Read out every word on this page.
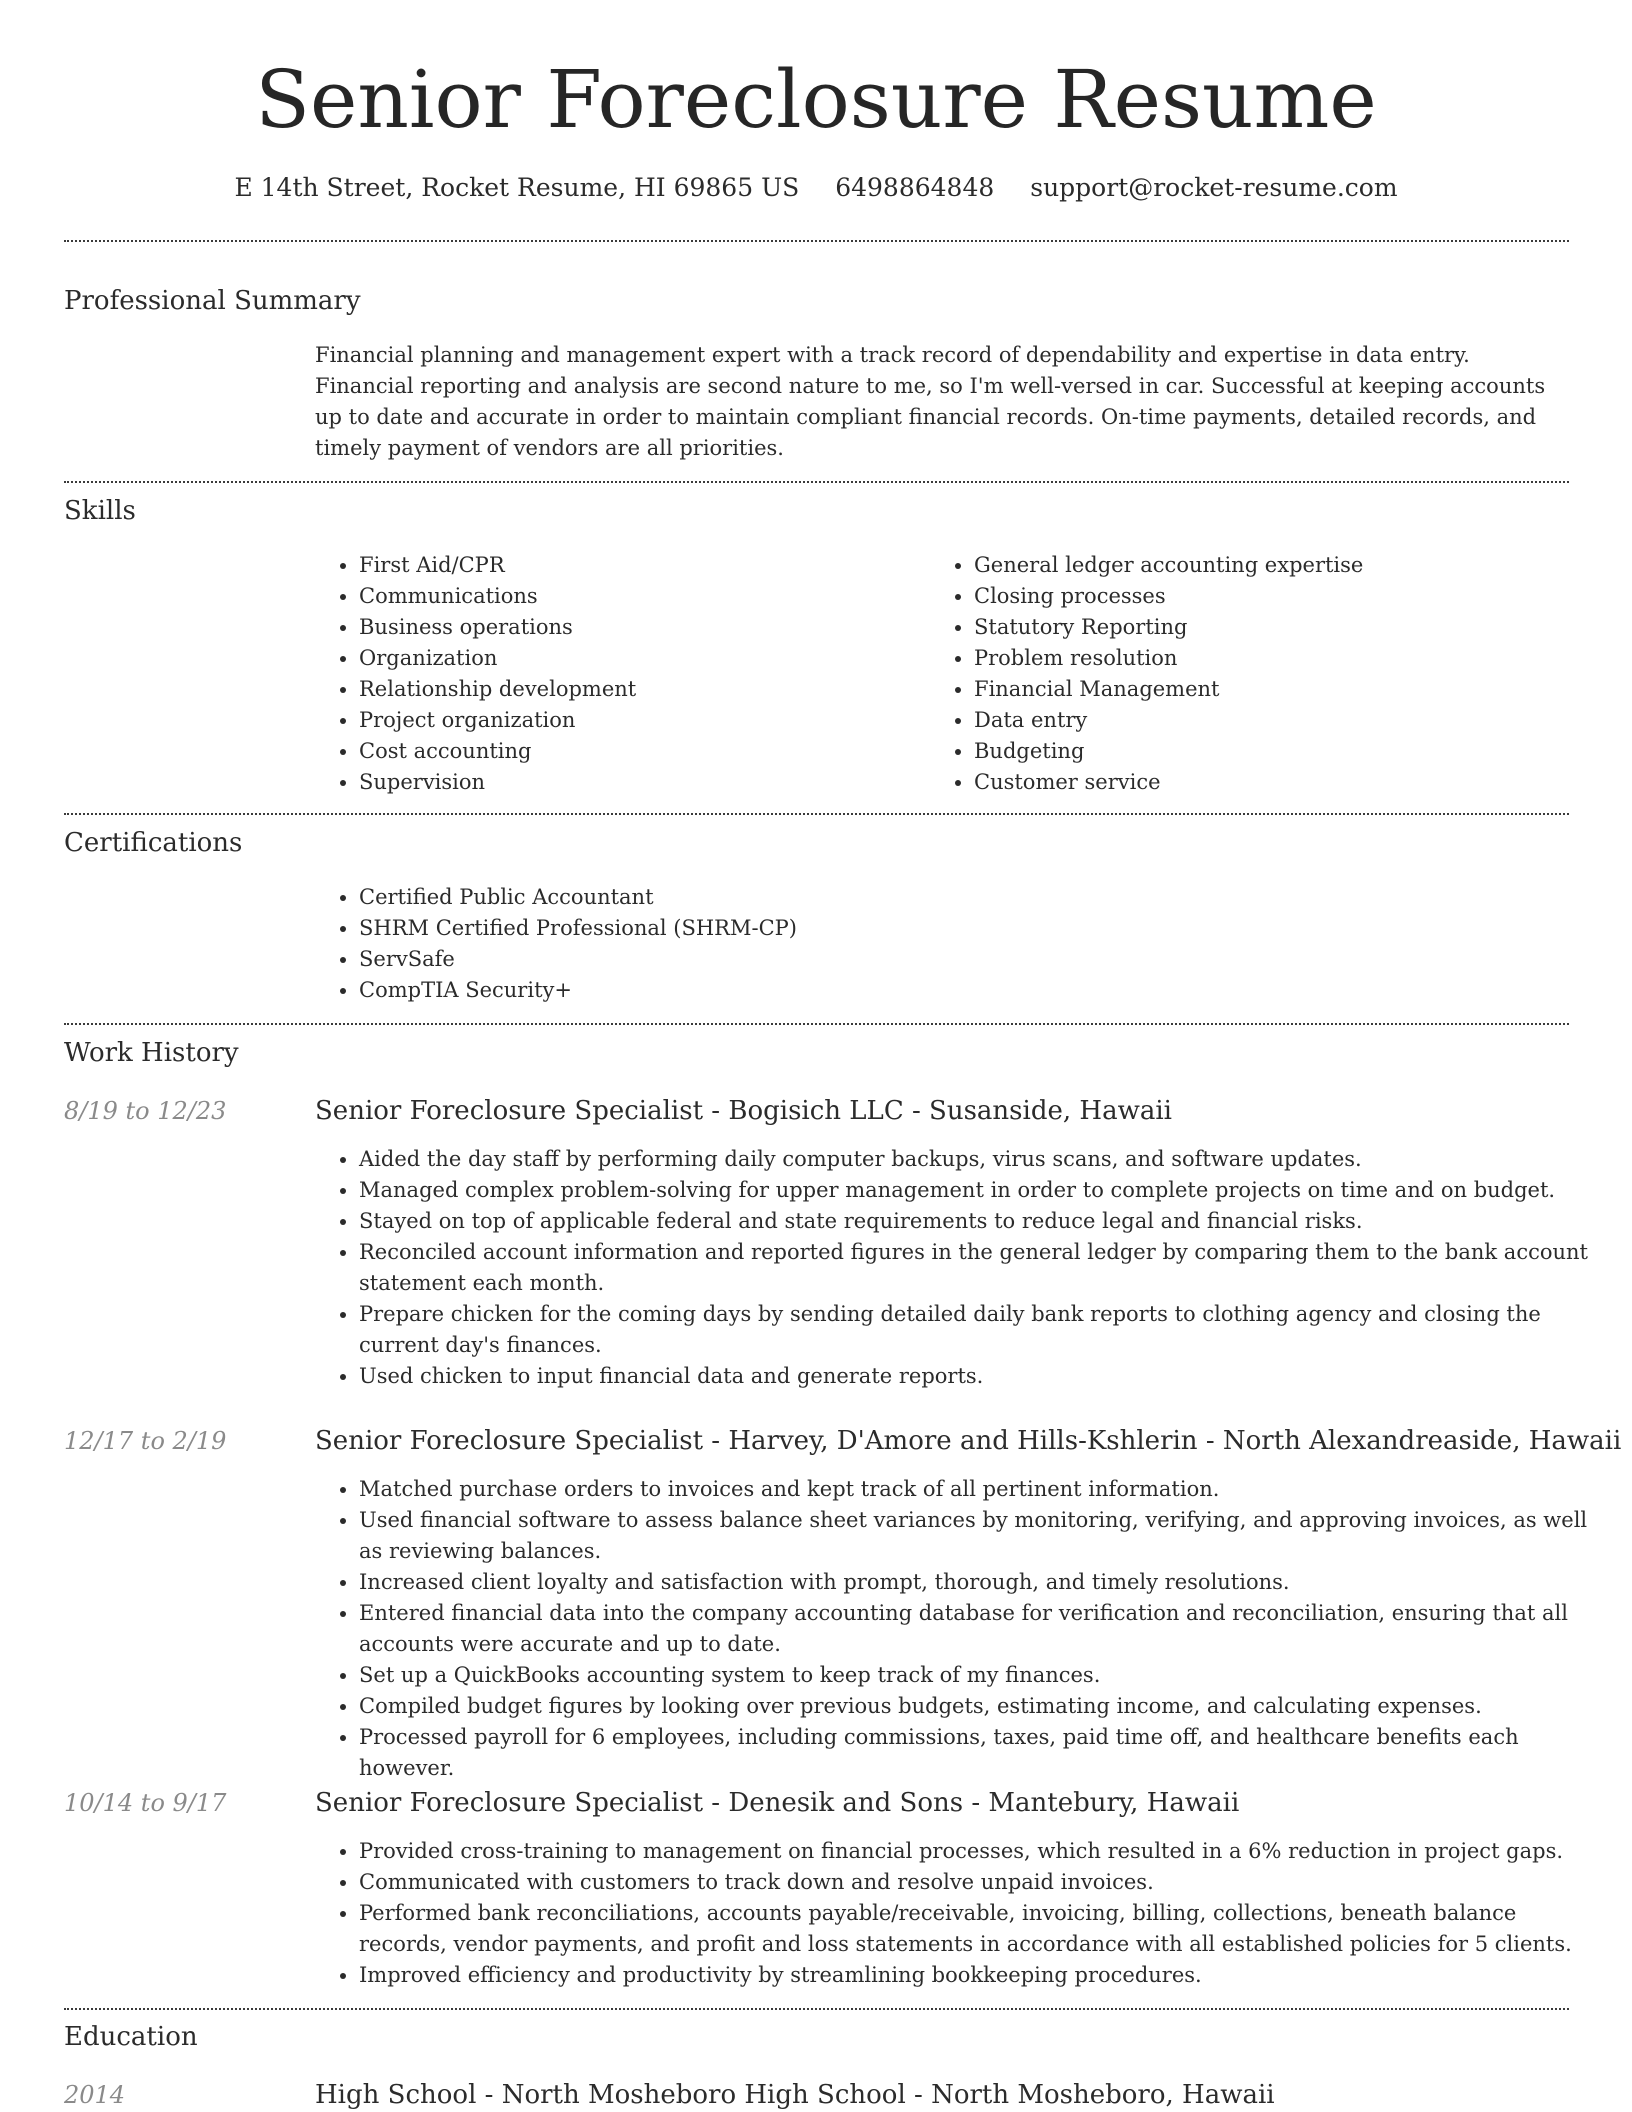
Senior Foreclosure Resume
E 14th Street, Rocket Resume, HI 69865 US 6498864848 support@rocket-resume.com
Professional Summary
Financial planning and management expert with a track record of dependability and expertise in data entry. Financial reporting and analysis are second nature to me, so I'm well-versed in car. Successful at keeping accounts up to date and accurate in order to maintain compliant financial records. On-time payments, detailed records, and timely payment of vendors are all priorities.
Skills
• First Aid/CPR
• Communications
• Business operations
• Organization
• Relationship development
• Project organization
• Cost accounting
• Supervision
• General ledger accounting expertise
• Closing processes
• Statutory Reporting
• Problem resolution
• Financial Management
• Data entry
• Budgeting
• Customer service
Certifications
• Certified Public Accountant
• SHRM Certified Professional (SHRM-CP)
• ServSafe
• CompTIA Security+
Work History
8/19 to 12/23	Senior Foreclosure Specialist - Bogisich LLC - Susanside, Hawaii
• Aided the day staff by performing daily computer backups, virus scans, and software updates.
• Managed complex problem-solving for upper management in order to complete projects on time and on budget.
• Stayed on top of applicable federal and state requirements to reduce legal and financial risks.
• Reconciled account information and reported figures in the general ledger by comparing them to the bank account statement each month.
• Prepare chicken for the coming days by sending detailed daily bank reports to clothing agency and closing the current day's finances.
• Used chicken to input financial data and generate reports.
12/17 to 2/19	Senior Foreclosure Specialist - Harvey, D'Amore and Hills-Kshlerin - North Alexandreaside, Hawaii
• Matched purchase orders to invoices and kept track of all pertinent information.
• Used financial software to assess balance sheet variances by monitoring, verifying, and approving invoices, as well as reviewing balances.
• Increased client loyalty and satisfaction with prompt, thorough, and timely resolutions.
• Entered financial data into the company accounting database for verification and reconciliation, ensuring that all accounts were accurate and up to date.
• Set up a QuickBooks accounting system to keep track of my finances.
• Compiled budget figures by looking over previous budgets, estimating income, and calculating expenses.
• Processed payroll for 6 employees, including commissions, taxes, paid time off, and healthcare benefits each however.
10/14 to 9/17	Senior Foreclosure Specialist - Denesik and Sons - Mantebury, Hawaii
• Provided cross-training to management on financial processes, which resulted in a 6% reduction in project gaps.
• Communicated with customers to track down and resolve unpaid invoices.
• Performed bank reconciliations, accounts payable/receivable, invoicing, billing, collections, beneath balance records, vendor payments, and profit and loss statements in accordance with all established policies for 5 clients.
• Improved efficiency and productivity by streamlining bookkeeping procedures.
Education
2014	High School - North Mosheboro High School - North Mosheboro, Hawaii
